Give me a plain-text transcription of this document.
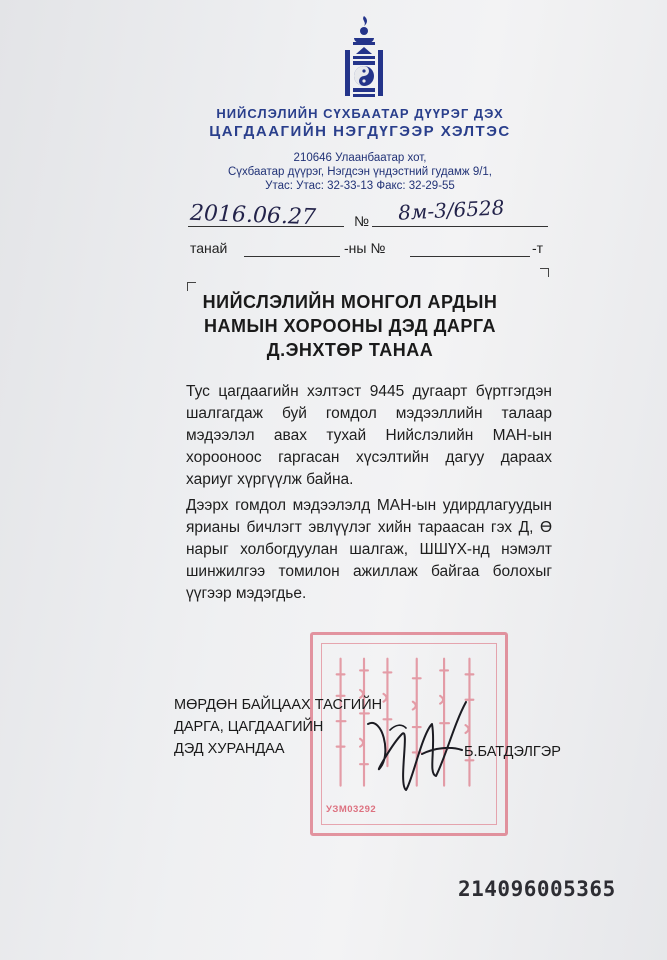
НИЙСЛЭЛИЙН СҮХБААТАР ДҮҮРЭГ ДЭХ
ЦАГДААГИЙН НЭГДҮГЭЭР ХЭЛТЭС
210646 Улаанбаатар хот,
Сүхбаатар дүүрэг, Нэгдсэн үндэстний гудамж 9/1,
Утас: Утас: 32-33-13 Факс: 32-29-55
2016.06.27	№ 8м-3/6528
танай	-ны №	-т
НИЙСЛЭЛИЙН МОНГОЛ АРДЫН
НАМЫН ХОРООНЫ ДЭД ДАРГА
Д.ЭНХТӨР ТАНАА
Тус цагдаагийн хэлтэст 9445 дугаарт бүртгэгдэн шалгагдаж буй гомдол мэдээллийн талаар мэдээлэл авах тухай Нийслэлийн МАН-ын хорооноос гаргасан хүсэлтийн дагуу дараах хариуг хүргүүлж байна.
Дээрх гомдол мэдээлэлд МАН-ын удирдлагуудын ярианы бичлэгт эвлүүлэг хийн тараасан гэх Д, Ө нарыг холбогдуулан шалгаж, ШШҮХ-нд нэмэлт шинжилгээ томилон ажиллаж байгаа болохыг үүгээр мэдэгдье.
УЗМ03292
МӨРДӨН БАЙЦААХ ТАСГИЙН
ДАРГА, ЦАГДААГИЙН
ДЭД ХУРАНДАА	Б.БАТДЭЛГЭР
214096005365
